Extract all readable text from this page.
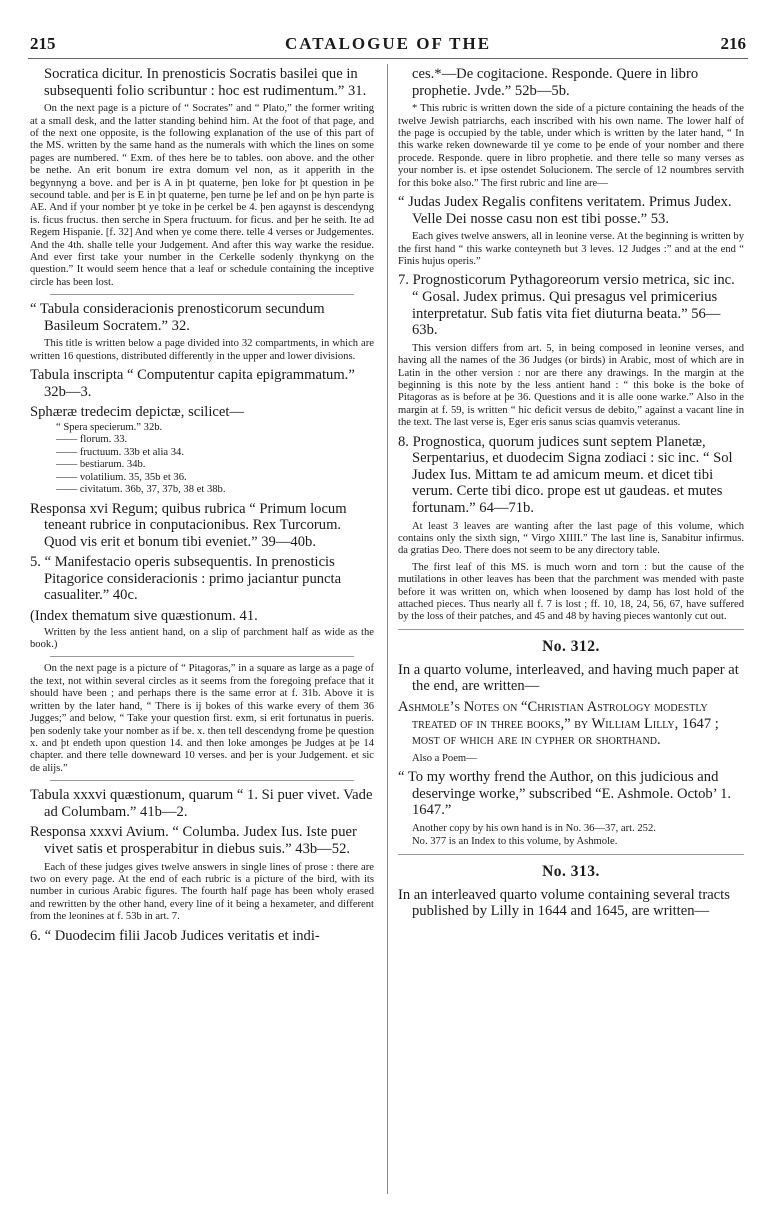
215	CATALOGUE OF THE	216

Socratica dicitur. In prenosticis Socratis basilei que in subsequenti folio scribuntur : hoc est rudimentum.” 31.

On the next page is a picture of “ Socrates” and “ Plato,” the former writing at a small desk, and the latter standing behind him. At the foot of that page, and of the next one opposite, is the following explanation of the use of this part of the MS. written by the same hand as the numerals with which the lines on some pages are numbered. “ Exm. of thes here be to tables. oon above. and the other be nethe. An erit bonum ire extra domum vel non, as it apperith in the begynnyng a bove. and þer is A in þt quaterne, þen loke for þt question in þe secound table. and þer is E in þt quaterne, þen turne þe lef and on þe hyn parte is AE. And if your nomber þt ye toke in þe cerkel be 4. þen agaynst is descendyng is. ficus fructus. then serche in Spera fructuum. for ficus. and þer he seith. Ite ad Regem Hispanie. [f. 32] And when ye come there. telle 4 verses or Judgementes. And the 4th. shalle telle your Judgement. And after this way warke the residue. And ever first take your number in the Cerkelle sodenly thynkyng on the question.” It would seem hence that a leaf or schedule containing the inceptive circle has been lost.

“ Tabula consideracionis prenosticorum secundum Basileum Socratem.” 32.

This title is written below a page divided into 32 compartments, in which are written 16 questions, distributed differently in the upper and lower divisions.

Tabula inscripta “ Computentur capita epigrammatum.” 32b—3.

Sphæræ tredecim depictæ, scilicet—

“ Spera specierum.” 32b.
—— florum. 33.
—— fructuum. 33b et alia 34.
—— bestiarum. 34b.
—— volatilium. 35, 35b et 36.
—— civitatum. 36b, 37, 37b, 38 et 38b.

Responsa xvi Regum; quibus rubrica “ Primum locum teneant rubrice in conputacionibus. Rex Turcorum. Quod vis erit et bonum tibi eveniet.” 39—40b.

5. “ Manifestacio operis subsequentis. In prenosticis Pitagorice consideracionis : primo jaciantur puncta casualiter.” 40c.

(Index thematum sive quæstionum. 41.

Written by the less antient hand, on a slip of parchment half as wide as the book.)

On the next page is a picture of “ Pitagoras,” in a square as large as a page of the text, not within several circles as it seems from the foregoing preface that it should have been ; and perhaps there is the same error at f. 31b. Above it is written by the later hand, “ There is ij bokes of this warke every of them 36 Jugges;” and below, “ Take your question first. exm, si erit fortunatus in pueris. þen sodenly take your nomber as if be. x. then tell descendyng frome þe question x. and þt endeth upon question 14. and then loke amonges þe Judges at þe 14 chapter. and there telle downeward 10 verses. and þer is your Judgement. et sic de alijs.”

Tabula xxxvi quæstionum, quarum “ 1. Si puer vivet. Vade ad Columbam.” 41b—2.

Responsa xxxvi Avium. “ Columba. Judex Ius. Iste puer vivet satis et prosperabitur in diebus suis.” 43b—52.

Each of these judges gives twelve answers in single lines of prose : there are two on every page. At the end of each rubric is a picture of the bird, with its number in curious Arabic figures. The fourth half page has been wholy erased and rewritten by the other hand, every line of it being a hexameter, and different from the leonines at f. 53b in art. 7.

6. “ Duodecim filii Jacob Judices veritatis et indi-

ces.*—De cogitacione. Responde. Quere in libro prophetie. Jvde.” 52b—5b.

* This rubric is written down the side of a picture containing the heads of the twelve Jewish patriarchs, each inscribed with his own name. The lower half of the page is occupied by the table, under which is written by the later hand, “ In this warke reken downewarde til ye come to þe ende of your nomber and there procede. Responde. quere in libro prophetie. and there telle so many verses as your nomber is. et ipse ostendet Solucionem. The sercle of 12 noumbres servith for this boke also.” The first rubric and line are—

“ Judas Judex Regalis confitens veritatem. Primus Judex. Velle Dei nosse casu non est tibi posse.” 53.

Each gives twelve answers, all in leonine verse. At the beginning is written by the first hand “ this warke conteyneth but 3 leves. 12 Judges :” and at the end “ Finis hujus operis.”

7. Prognosticorum Pythagoreorum versio metrica, sic inc. “ Gosal. Judex primus. Qui presagus vel primicerius interpretatur. Sub fatis vita fiet diuturna beata.” 56—63b.

This version differs from art. 5, in being composed in leonine verses, and having all the names of the 36 Judges (or birds) in Arabic, most of which are in Latin in the other version : nor are there any drawings. In the margin at the beginning is this note by the less antient hand : “ this boke is the boke of Pitagoras as is before at þe 36. Questions and it is alle oone warke.” Also in the margin at f. 59, is written “ hic deficit versus de debito,” against a vacant line in the text. The last verse is, Eger eris sanus scias quamvis veteranus.

8. Prognostica, quorum judices sunt septem Planetæ, Serpentarius, et duodecim Signa zodiaci : sic inc. “ Sol Judex Ius. Mittam te ad amicum meum. et dicet tibi verum. Certe tibi dico. prope est ut gaudeas. et mutes fortunam.” 64—71b.

At least 3 leaves are wanting after the last page of this volume, which contains only the sixth sign, “ Virgo XIIII.” The last line is, Sanabitur infirmus. da gratias Deo. There does not seem to be any directory table.

The first leaf of this MS. is much worn and torn : but the cause of the mutilations in other leaves has been that the parchment was mended with paste before it was written on, which when loosened by damp has lost hold of the attached pieces. Thus nearly all f. 7 is lost ; ff. 10, 18, 24, 56, 67, have suffered by the loss of their patches, and 45 and 48 by having pieces wantonly cut out.

No. 312.

In a quarto volume, interleaved, and having much paper at the end, are written—

Ashmole’s Notes on “Christian Astrology modestly treated of in three books,” by William Lilly, 1647 ; most of which are in cypher or shorthand.

Also a Poem—

“ To my worthy frend the Author, on this judicious and deservinge worke,” subscribed “E. Ashmole. Octob’ 1. 1647.”

Another copy by his own hand is in No. 36—37, art. 252.

No. 377 is an Index to this volume, by Ashmole.

No. 313.

In an interleaved quarto volume containing several tracts published by Lilly in 1644 and 1645, are written—
